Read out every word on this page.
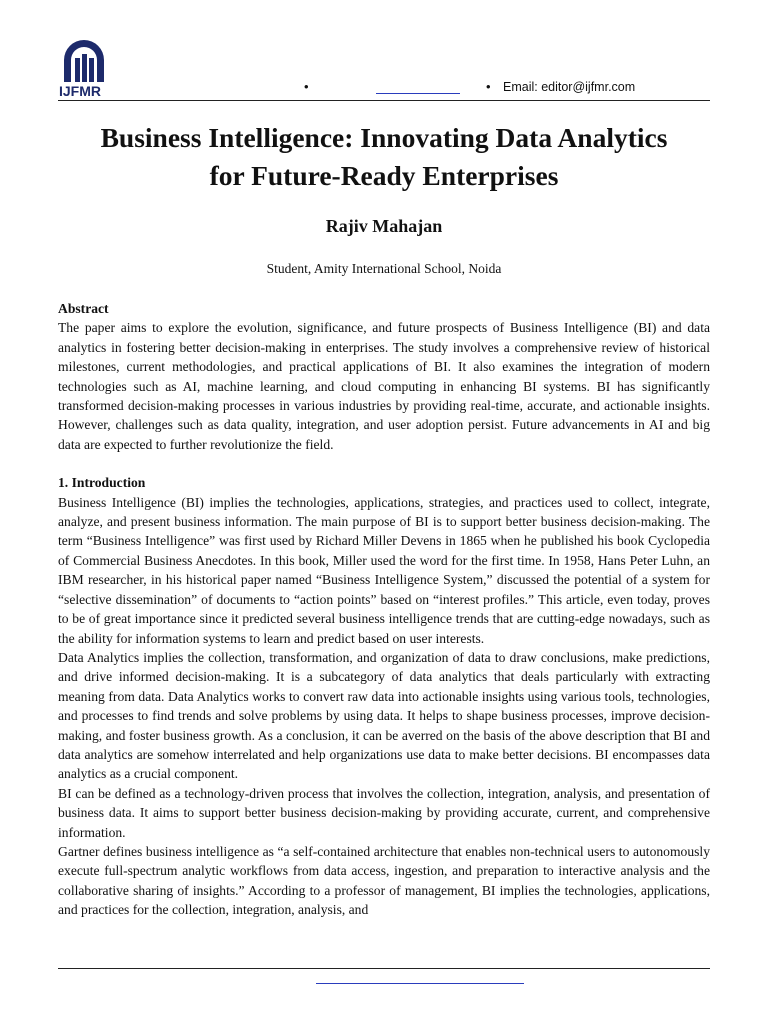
IJFMR	•	• Email: editor@ijfmr.com
Business Intelligence: Innovating Data Analytics
for Future-Ready Enterprises
Rajiv Mahajan
Student, Amity International School, Noida

Abstract

The paper aims to explore the evolution, significance, and future prospects of Business Intelligence (BI) and data analytics in fostering better decision-making in enterprises. The study involves a comprehensive review of historical milestones, current methodologies, and practical applications of BI. It also examines the integration of modern technologies such as AI, machine learning, and cloud computing in enhancing BI systems. BI has significantly transformed decision-making processes in various industries by providing real-time, accurate, and actionable insights. However, challenges such as data quality, integration, and user adoption persist. Future advancements in AI and big data are expected to further revolutionize the field.

1. Introduction

Business Intelligence (BI) implies the technologies, applications, strategies, and practices used to collect, integrate, analyze, and present business information. The main purpose of BI is to support better business decision-making. The term “Business Intelligence” was first used by Richard Miller Devens in 1865 when he published his book Cyclopedia of Commercial Business Anecdotes. In this book, Miller used the word for the first time. In 1958, Hans Peter Luhn, an IBM researcher, in his historical paper named “Business Intelligence System,” discussed the potential of a system for “selective dissemination” of documents to “action points” based on “interest profiles.” This article, even today, proves to be of great importance since it predicted several business intelligence trends that are cutting-edge nowadays, such as the ability for information systems to learn and predict based on user interests.

Data Analytics implies the collection, transformation, and organization of data to draw conclusions, make predictions, and drive informed decision-making. It is a subcategory of data analytics that deals particularly with extracting meaning from data. Data Analytics works to convert raw data into actionable insights using various tools, technologies, and processes to find trends and solve problems by using data. It helps to shape business processes, improve decision-making, and foster business growth. As a conclusion, it can be averred on the basis of the above description that BI and data analytics are somehow interrelated and help organizations use data to make better decisions. BI encompasses data analytics as a crucial component.

BI can be defined as a technology-driven process that involves the collection, integration, analysis, and presentation of business data. It aims to support better business decision-making by providing accurate, current, and comprehensive information.

Gartner defines business intelligence as “a self-contained architecture that enables non-technical users to autonomously execute full-spectrum analytic workflows from data access, ingestion, and preparation to interactive analysis and the collaborative sharing of insights.” According to a professor of management, BI implies the technologies, applications, and practices for the collection, integration, analysis, and
